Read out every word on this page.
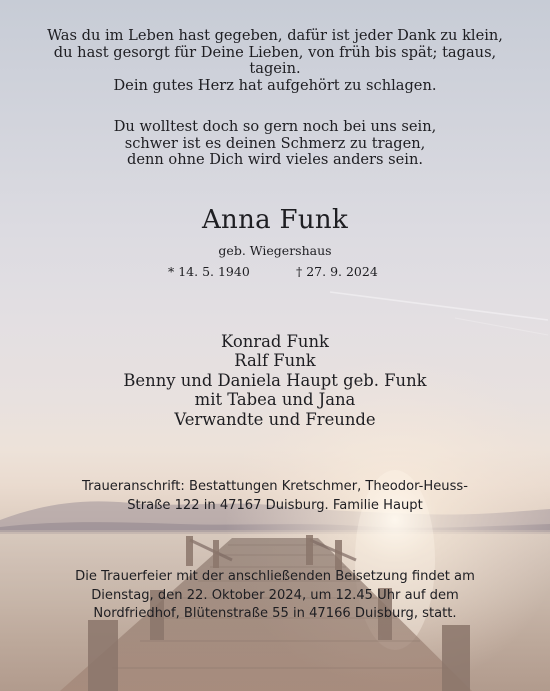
Was du im Leben hast gegeben, dafür ist jeder Dank zu klein,
du hast gesorgt für Deine Lieben, von früh bis spät; tagaus,
tagein.
Dein gutes Herz hat aufgehört zu schlagen.

Du wolltest doch so gern noch bei uns sein,
schwer ist es deinen Schmerz zu tragen,
denn ohne Dich wird vieles anders sein.

Anna Funk
geb. Wiegershaus
* 14. 5. 1940	† 27. 9. 2024
Konrad Funk
Ralf Funk
Benny und Daniela Haupt geb. Funk
mit Tabea und Jana
Verwandte und Freunde
Traueranschrift: Bestattungen Kretschmer, Theodor-Heuss-
Straße 122 in 47167 Duisburg. Familie Haupt
Die Trauerfeier mit der anschließenden Beisetzung findet am
Dienstag, den 22. Oktober 2024, um 12.45 Uhr auf dem
Nordfriedhof, Blütenstraße 55 in 47166 Duisburg, statt.
